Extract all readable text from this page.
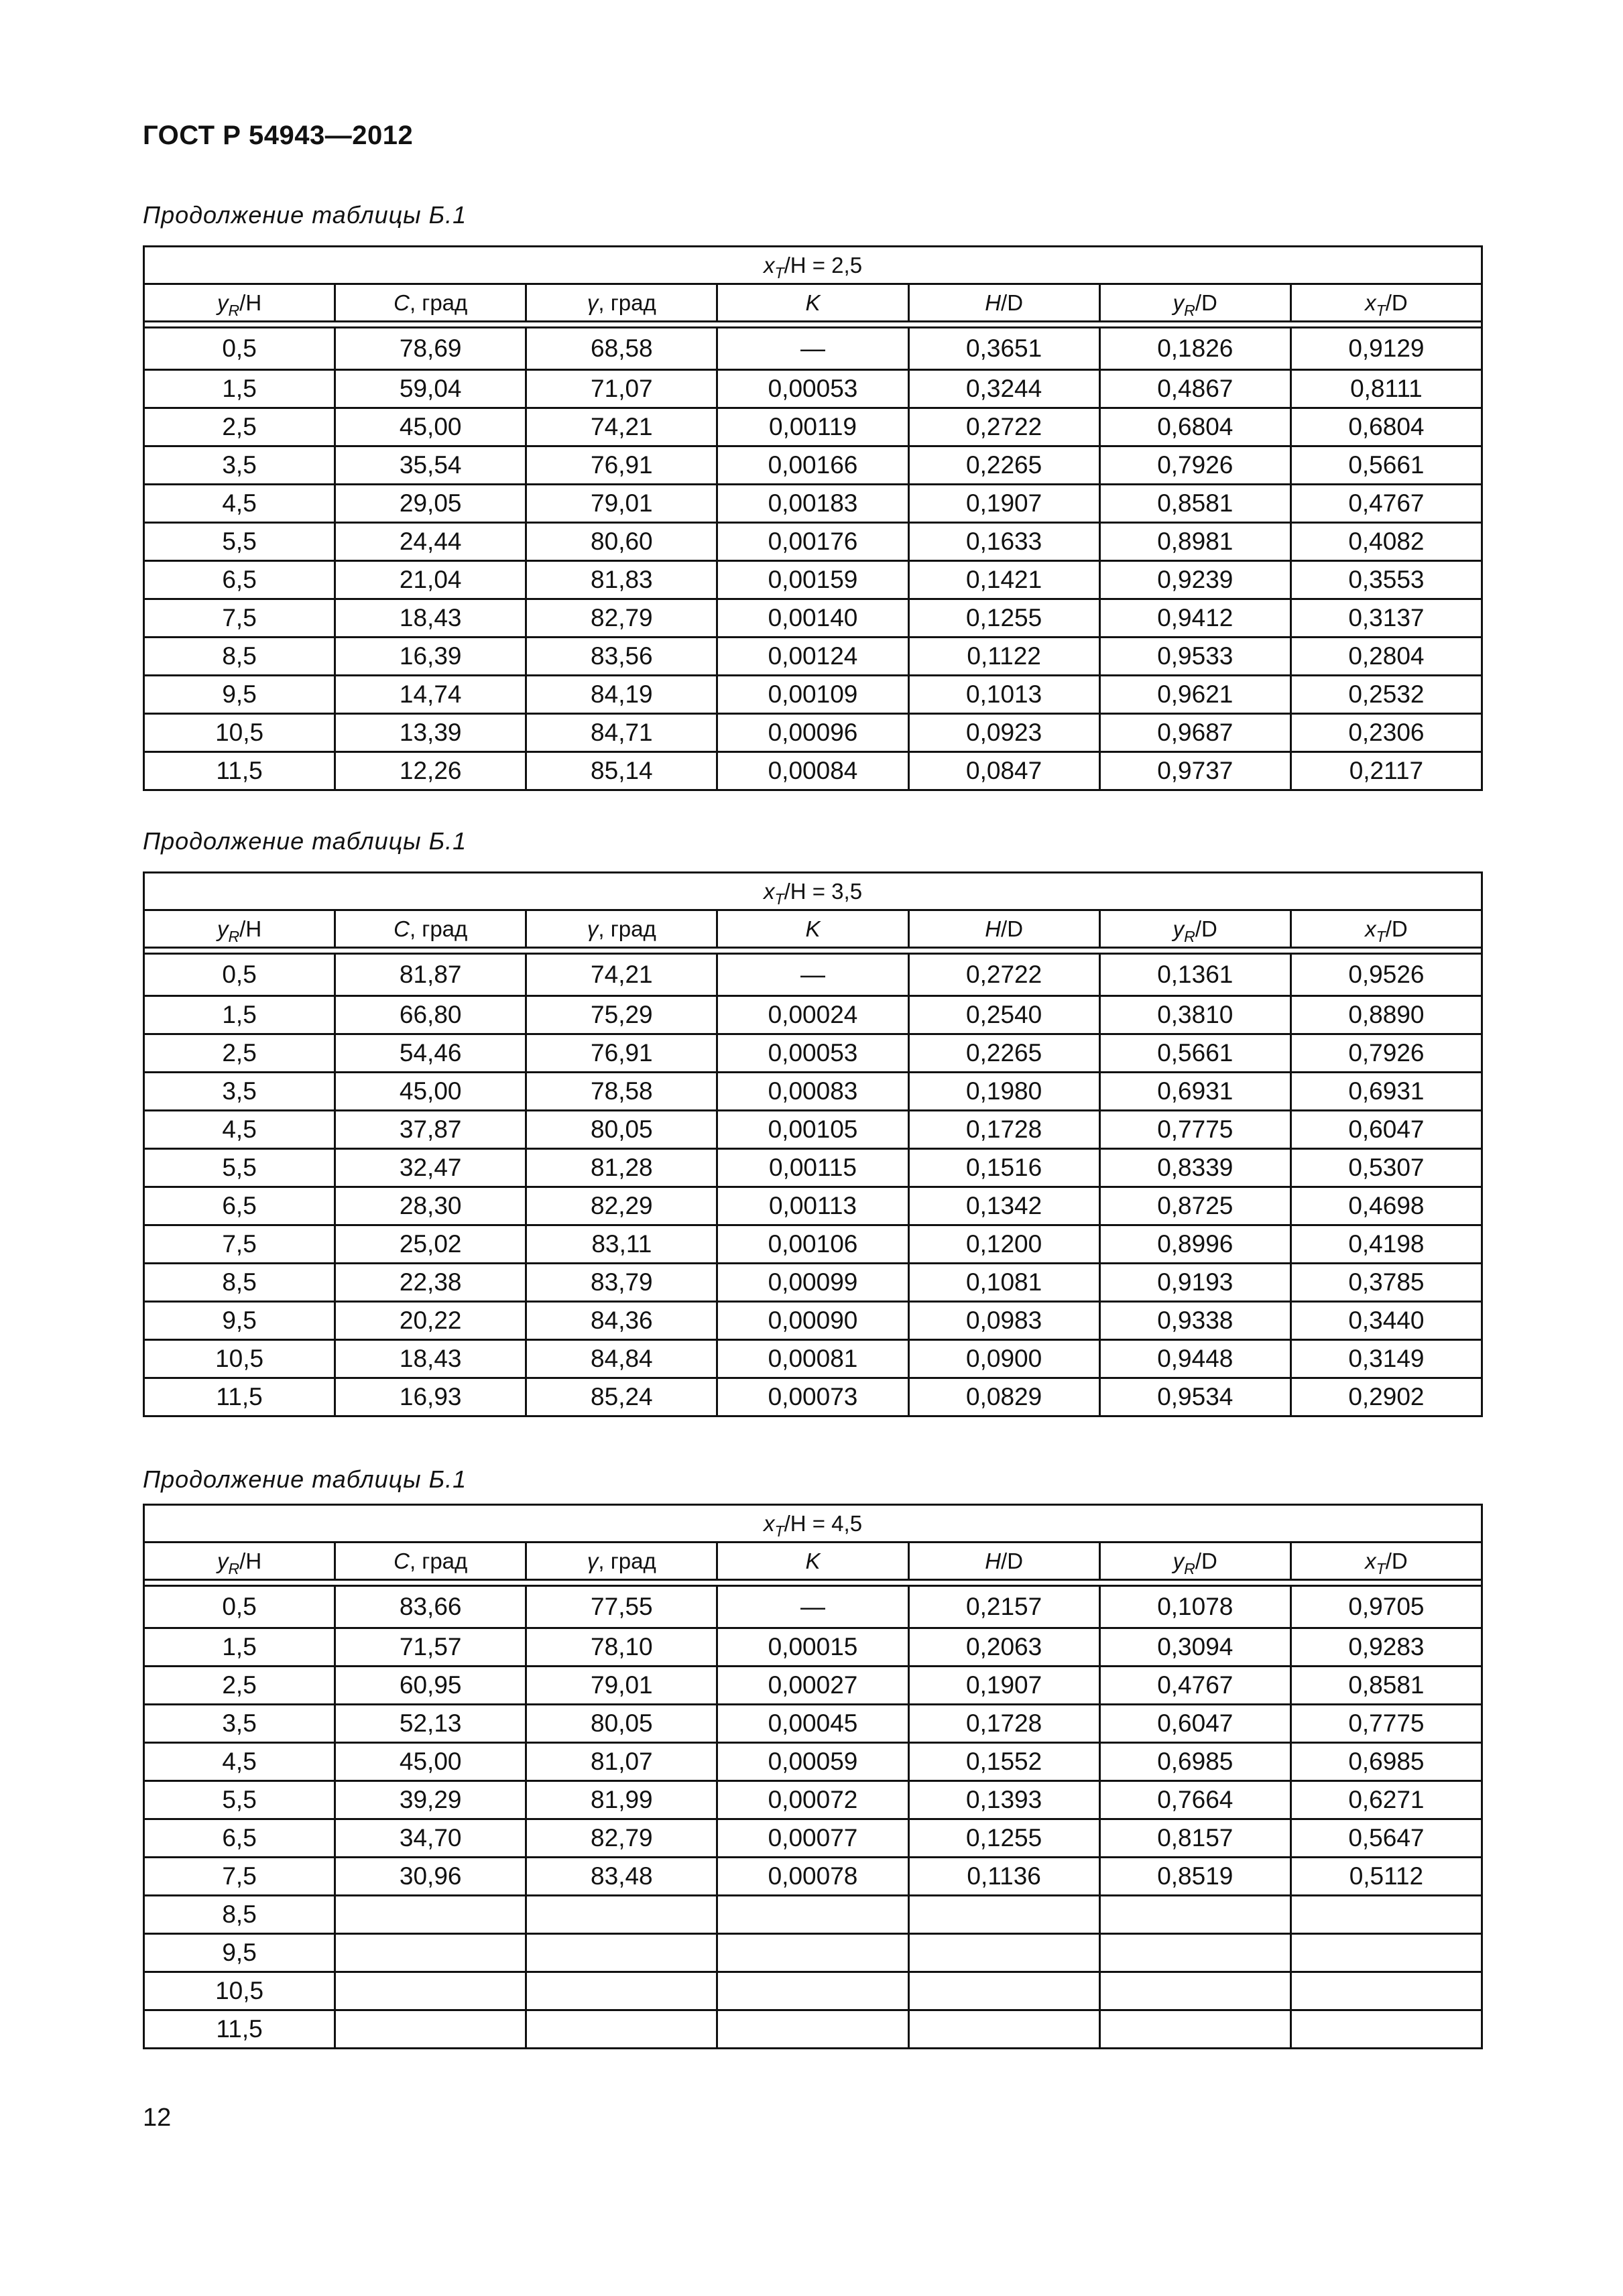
ГОСТ Р 54943—2012
Продолжение таблицы Б.1
$x_T/H = 2,5$						
$y_R/H$	C, град	γ, град	K	H/D	$y_R/D$	$x_T/D$

0,5	78,69	68,58	—	0,3651	0,1826	0,9129
1,5	59,04	71,07	0,00053	0,3244	0,4867	0,8111
2,5	45,00	74,21	0,00119	0,2722	0,6804	0,6804
3,5	35,54	76,91	0,00166	0,2265	0,7926	0,5661
4,5	29,05	79,01	0,00183	0,1907	0,8581	0,4767
5,5	24,44	80,60	0,00176	0,1633	0,8981	0,4082
6,5	21,04	81,83	0,00159	0,1421	0,9239	0,3553
7,5	18,43	82,79	0,00140	0,1255	0,9412	0,3137
8,5	16,39	83,56	0,00124	0,1122	0,9533	0,2804
9,5	14,74	84,19	0,00109	0,1013	0,9621	0,2532
10,5	13,39	84,71	0,00096	0,0923	0,9687	0,2306
11,5	12,26	85,14	0,00084	0,0847	0,9737	0,2117
Продолжение таблицы Б.1
$x_T/H = 3,5$						
$y_R/H$	C, град	γ, град	K	H/D	$y_R/D$	$x_T/D$

0,5	81,87	74,21	—	0,2722	0,1361	0,9526
1,5	66,80	75,29	0,00024	0,2540	0,3810	0,8890
2,5	54,46	76,91	0,00053	0,2265	0,5661	0,7926
3,5	45,00	78,58	0,00083	0,1980	0,6931	0,6931
4,5	37,87	80,05	0,00105	0,1728	0,7775	0,6047
5,5	32,47	81,28	0,00115	0,1516	0,8339	0,5307
6,5	28,30	82,29	0,00113	0,1342	0,8725	0,4698
7,5	25,02	83,11	0,00106	0,1200	0,8996	0,4198
8,5	22,38	83,79	0,00099	0,1081	0,9193	0,3785
9,5	20,22	84,36	0,00090	0,0983	0,9338	0,3440
10,5	18,43	84,84	0,00081	0,0900	0,9448	0,3149
11,5	16,93	85,24	0,00073	0,0829	0,9534	0,2902
Продолжение таблицы Б.1
$x_T/H = 4,5$						
$y_R/H$	C, град	γ, град	K	H/D	$y_R/D$	$x_T/D$

0,5	83,66	77,55	—	0,2157	0,1078	0,9705
1,5	71,57	78,10	0,00015	0,2063	0,3094	0,9283
2,5	60,95	79,01	0,00027	0,1907	0,4767	0,8581
3,5	52,13	80,05	0,00045	0,1728	0,6047	0,7775
4,5	45,00	81,07	0,00059	0,1552	0,6985	0,6985
5,5	39,29	81,99	0,00072	0,1393	0,7664	0,6271
6,5	34,70	82,79	0,00077	0,1255	0,8157	0,5647
7,5	30,96	83,48	0,00078	0,1136	0,8519	0,5112
8,5						
9,5						
10,5						
11,5						
12
